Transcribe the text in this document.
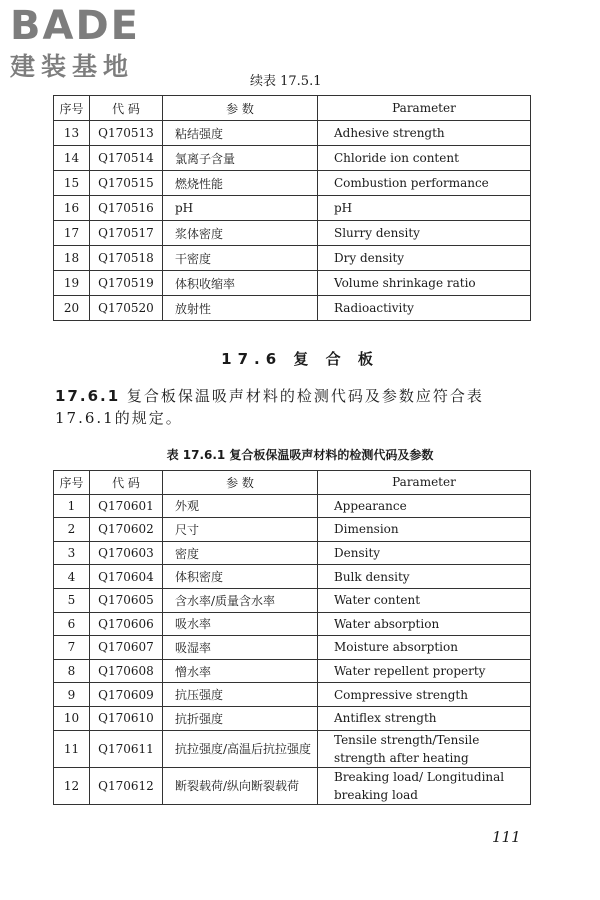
BADE
建装基地
续表 17.5.1
序号	代 码	参 数	Parameter
13	Q170513	粘结强度	Adhesive strength
14	Q170514	氯离子含量	Chloride ion content
15	Q170515	燃烧性能	Combustion performance
16	Q170516	pH	pH
17	Q170517	浆体密度	Slurry density
18	Q170518	干密度	Dry density
19	Q170519	体积收缩率	Volume shrinkage ratio
20	Q170520	放射性	Radioactivity
17.6 复 合 板
17.6.1 复合板保温吸声材料的检测代码及参数应符合表17.6.1的规定。
表 17.6.1 复合板保温吸声材料的检测代码及参数
序号	代 码	参 数	Parameter
1	Q170601	外观	Appearance
2	Q170602	尺寸	Dimension
3	Q170603	密度	Density
4	Q170604	体积密度	Bulk density
5	Q170605	含水率/质量含水率	Water content
6	Q170606	吸水率	Water absorption
7	Q170607	吸湿率	Moisture absorption
8	Q170608	憎水率	Water repellent property
9	Q170609	抗压强度	Compressive strength
10	Q170610	抗折强度	Antiflex strength
11	Q170611	抗拉强度/高温后抗拉强度	Tensile strength/Tensile strength after heating
12	Q170612	断裂载荷/纵向断裂载荷	Breaking load/ Longitudinal breaking load
111
